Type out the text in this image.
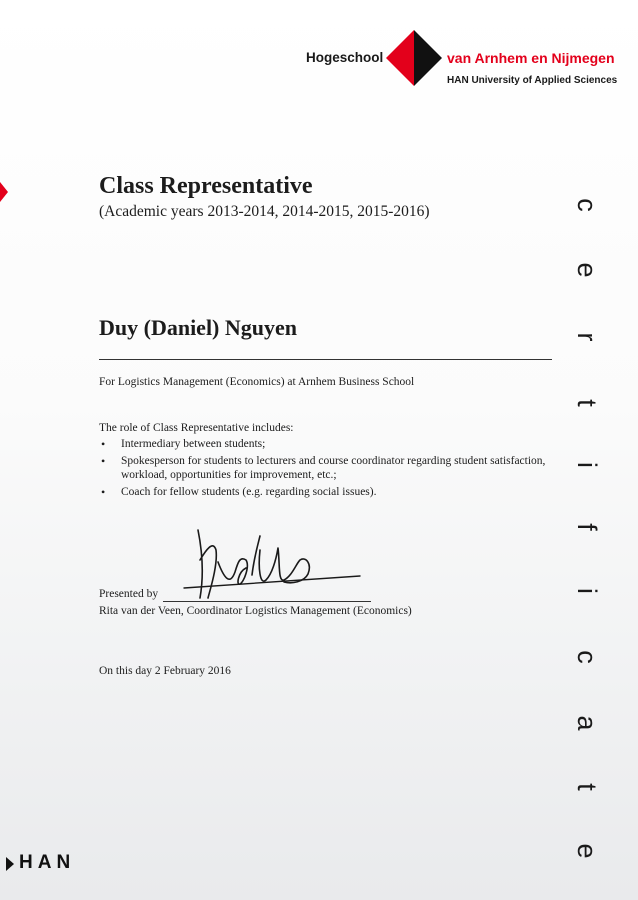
Hogeschool	van Arnhem en Nijmegen
HAN University of Applied Sciences
Class Representative
(Academic years 2013-2014, 2014-2015, 2015-2016)
Duy (Daniel) Nguyen
For Logistics Management (Economics) at Arnhem Business School
The role of Class Representative includes:
• Intermediary between students;
• Spokesperson for students to lecturers and course coordinator regarding student satisfaction, workload, opportunities for improvement, etc.;
• Coach for fellow students (e.g. regarding social issues).
Presented by
Rita van der Veen, Coordinator Logistics Management (Economics)
On this day 2 February 2016
c
e
r
t
i
f
i
c
a
t
e
HAN
